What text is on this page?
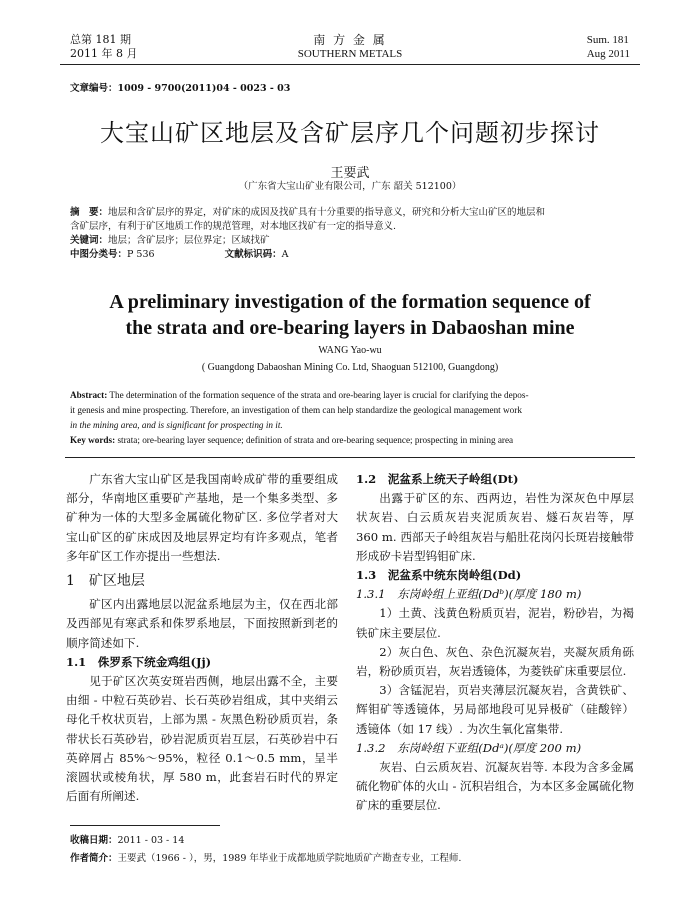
总第 181 期
2011 年 8 月
南 方 金 属
SOUTHERN METALS
Sum. 181
Aug 2011
文章编号：1009 - 9700(2011)04 - 0023 - 03
大宝山矿区地层及含矿层序几个问题初步探讨
王要武
（广东省大宝山矿业有限公司，广东 韶关 512100）
摘　要：地层和含矿层序的界定，对矿床的成因及找矿具有十分重要的指导意义，研究和分析大宝山矿区的地层和
含矿层序，有利于矿区地质工作的规范管理，对本地区找矿有一定的指导意义.
关键词：地层；含矿层序；层位界定；区域找矿
中图分类号：P 536	文献标识码：A
A preliminary investigation of the formation sequence of
the strata and ore-bearing layers in Dabaoshan mine
WANG Yao-wu
( Guangdong Dabaoshan Mining Co. Ltd, Shaoguan 512100, Guangdong)
Abstract: The determination of the formation sequence of the strata and ore-bearing layer is crucial for clarifying the depos-
it genesis and mine prospecting. Therefore, an investigation of them can help standardize the geological management work
in the mining area, and is significant for prospecting in it.
Key words: strata; ore-bearing layer sequence; definition of strata and ore-bearing sequence; prospecting in mining area

广东省大宝山矿区是我国南岭成矿带的重要组成部分，华南地区重要矿产基地，是一个集多类型、多矿种为一体的大型多金属硫化物矿区. 多位学者对大宝山矿区的矿床成因及地层界定均有许多观点，笔者多年矿区工作亦提出一些想法.

1　矿区地层

矿区内出露地层以泥盆系地层为主，仅在西北部及西部见有寒武系和侏罗系地层，下面按照新到老的顺序简述如下.

1.1　侏罗系下统金鸡组(Jj)

见于矿区次英安斑岩西侧，地层出露不全，主要由细 - 中粒石英砂岩、长石英砂岩组成，其中夹绢云母化千枚状页岩，上部为黑 - 灰黑色粉砂质页岩，条带状长石英砂岩，砂岩泥质页岩互层，石英砂岩中石英碎屑占 85%～95%，粒径 0.1～0.5 mm，呈半滚圆状或棱角状，厚 580 m，此套岩石时代的界定后面有所阐述.

1.2　泥盆系上统天子岭组(Dt)

出露于矿区的东、西两边，岩性为深灰色中厚层状灰岩、白云质灰岩夹泥质灰岩、燧石灰岩等，厚 360 m. 西部天子岭组灰岩与船肚花岗闪长斑岩接触带形成矽卡岩型钨钼矿床.

1.3　泥盆系中统东岗岭组(Dd)

1.3.1　东岗岭组上亚组(Ddᵇ)(厚度 180 m)

1）土黄、浅黄色粉质页岩，泥岩，粉砂岩，为褐铁矿床主要层位.

2）灰白色、灰色、杂色沉凝灰岩，夹凝灰质角砾岩，粉砂质页岩，灰岩透镜体，为菱铁矿床重要层位.

3）含锰泥岩，页岩夹薄层沉凝灰岩，含黄铁矿、辉钼矿等透镜体，另局部地段可见异极矿（硅酸锌）透镜体（如 17 线）. 为次生氧化富集带.

1.3.2　东岗岭组下亚组(Ddᵃ)(厚度 200 m)

灰岩、白云质灰岩、沉凝灰岩等. 本段为含多金属硫化物矿体的火山 - 沉积岩组合，为本区多金属硫化物矿床的重要层位.

收稿日期：2011 - 03 - 14
作者简介：王要武（1966 - ），男，1989 年毕业于成都地质学院地质矿产勘查专业，工程师.
